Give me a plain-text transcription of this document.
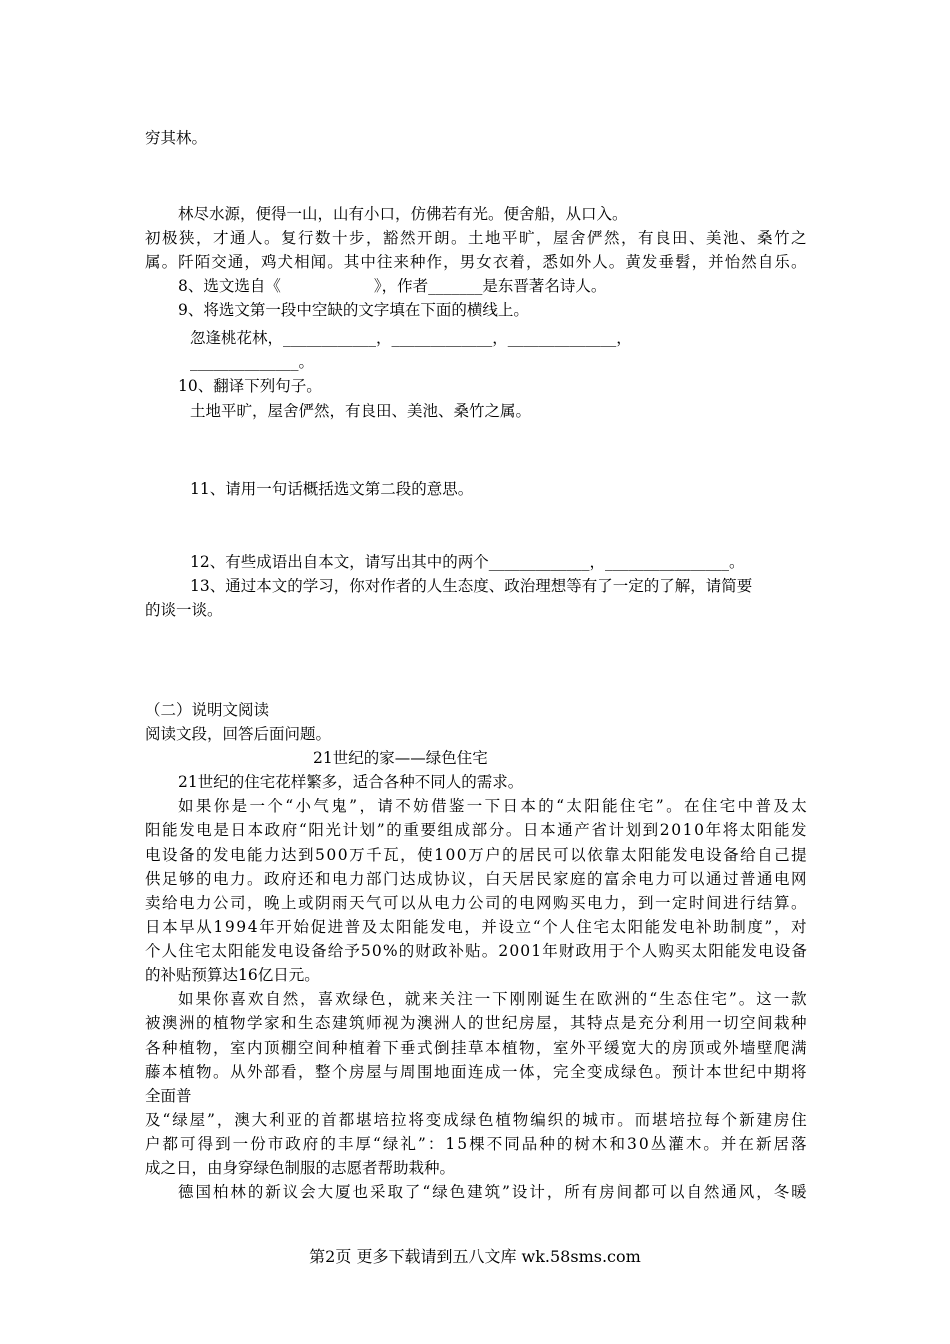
穷其林。
林尽水源，便得一山，山有小口，仿佛若有光。便舍船，从口入。
初 极 狭 ， 才 通 人 。 复 行 数 十 步 ， 豁 然 开 朗 。 土 地 平 旷 ， 屋 舍 俨 然 ， 有 良 田 、 美 池 、 桑 竹 之
属 。 阡 陌 交 通 ， 鸡 犬 相 闻 。 其 中 往 来 种 作 ， 男 女 衣 着 ， 悉 如 外 人 。 黄 发 垂 髫 ， 并 怡 然 自 乐 。
8、选文选自《　　　　　　》，作者_______是东晋著名诗人。
9、将选文第一段中空缺的文字填在下面的横线上。
忽逢桃花林，____________，_____________，______________，
______________。
10、翻译下列句子。
土地平旷，屋舍俨然，有良田、美池、桑竹之属。
11、请用一句话概括选文第二段的意思。
12、有些成语出自本文，请写出其中的两个_____________，________________。
13、通过本文的学习，你对作者的人生态度、政治理想等有了一定的了解，请简要
的谈一谈。
（二）说明文阅读
阅读文段，回答后面问题。
21世纪的家——绿色住宅
21世纪的住宅花样繁多，适合各种不同人的需求。
如 果 你 是 一 个 “ 小 气 鬼 ” ， 请 不 妨 借 鉴 一 下 日 本 的 “ 太 阳 能 住 宅 ” 。 在 住 宅 中 普 及 太
阳 能 发 电 是 日 本 政 府 “ 阳 光 计 划 ” 的 重 要 组 成 部 分 。 日 本 通 产 省 计 划 到 2 0 1 0 年 将 太 阳 能 发
电 设 备 的 发 电 能 力 达 到 5 0 0 万 千 瓦 ， 使 1 0 0 万 户 的 居 民 可 以 依 靠 太 阳 能 发 电 设 备 给 自 己 提
供 足 够 的 电 力 。 政 府 还 和 电 力 部 门 达 成 协 议 ， 白 天 居 民 家 庭 的 富 余 电 力 可 以 通 过 普 通 电 网
卖 给 电 力 公 司 ， 晚 上 或 阴 雨 天 气 可 以 从 电 力 公 司 的 电 网 购 买 电 力 ， 到 一 定 时 间 进 行 结 算 。
日 本 早 从 1 9 9 4 年 开 始 促 进 普 及 太 阳 能 发 电 ， 并 设 立 “ 个 人 住 宅 太 阳 能 发 电 补 助 制 度 ” ， 对
个 人 住 宅 太 阳 能 发 电 设 备 给 予 5 0 % 的 财 政 补 贴 。 2 0 0 1 年 财 政 用 于 个 人 购 买 太 阳 能 发 电 设 备
的补贴预算达16亿日元。
如 果 你 喜 欢 自 然 ， 喜 欢 绿 色 ， 就 来 关 注 一 下 刚 刚 诞 生 在 欧 洲 的 “ 生 态 住 宅 ” 。 这 一 款
被 澳 洲 的 植 物 学 家 和 生 态 建 筑 师 视 为 澳 洲 人 的 世 纪 房 屋 ， 其 特 点 是 充 分 利 用 一 切 空 间 栽 种
各 种 植 物 ， 室 内 顶 棚 空 间 种 植 着 下 垂 式 倒 挂 草 本 植 物 ， 室 外 平 缓 宽 大 的 房 顶 或 外 墙 壁 爬 满
藤 本 植 物 。 从 外 部 看 ， 整 个 房 屋 与 周 围 地 面 连 成 一 体 ， 完 全 变 成 绿 色 。 预 计 本 世 纪 中 期 将
全面普
及 “ 绿 屋 ” ， 澳 大 利 亚 的 首 都 堪 培 拉 将 变 成 绿 色 植 物 编 织 的 城 市 。 而 堪 培 拉 每 个 新 建 房 住
户 都 可 得 到 一 份 市 政 府 的 丰 厚 “ 绿 礼 ” ： 1 5 棵 不 同 品 种 的 树 木 和 3 0 丛 灌 木 。 并 在 新 居 落
成之日，由身穿绿色制服的志愿者帮助栽种。
德 国 柏 林 的 新 议 会 大 厦 也 采 取 了 “ 绿 色 建 筑 ” 设 计 ， 所 有 房 间 都 可 以 自 然 通 风 ， 冬 暖
第2页 更多下载请到五八文库 wk.58sms.com
